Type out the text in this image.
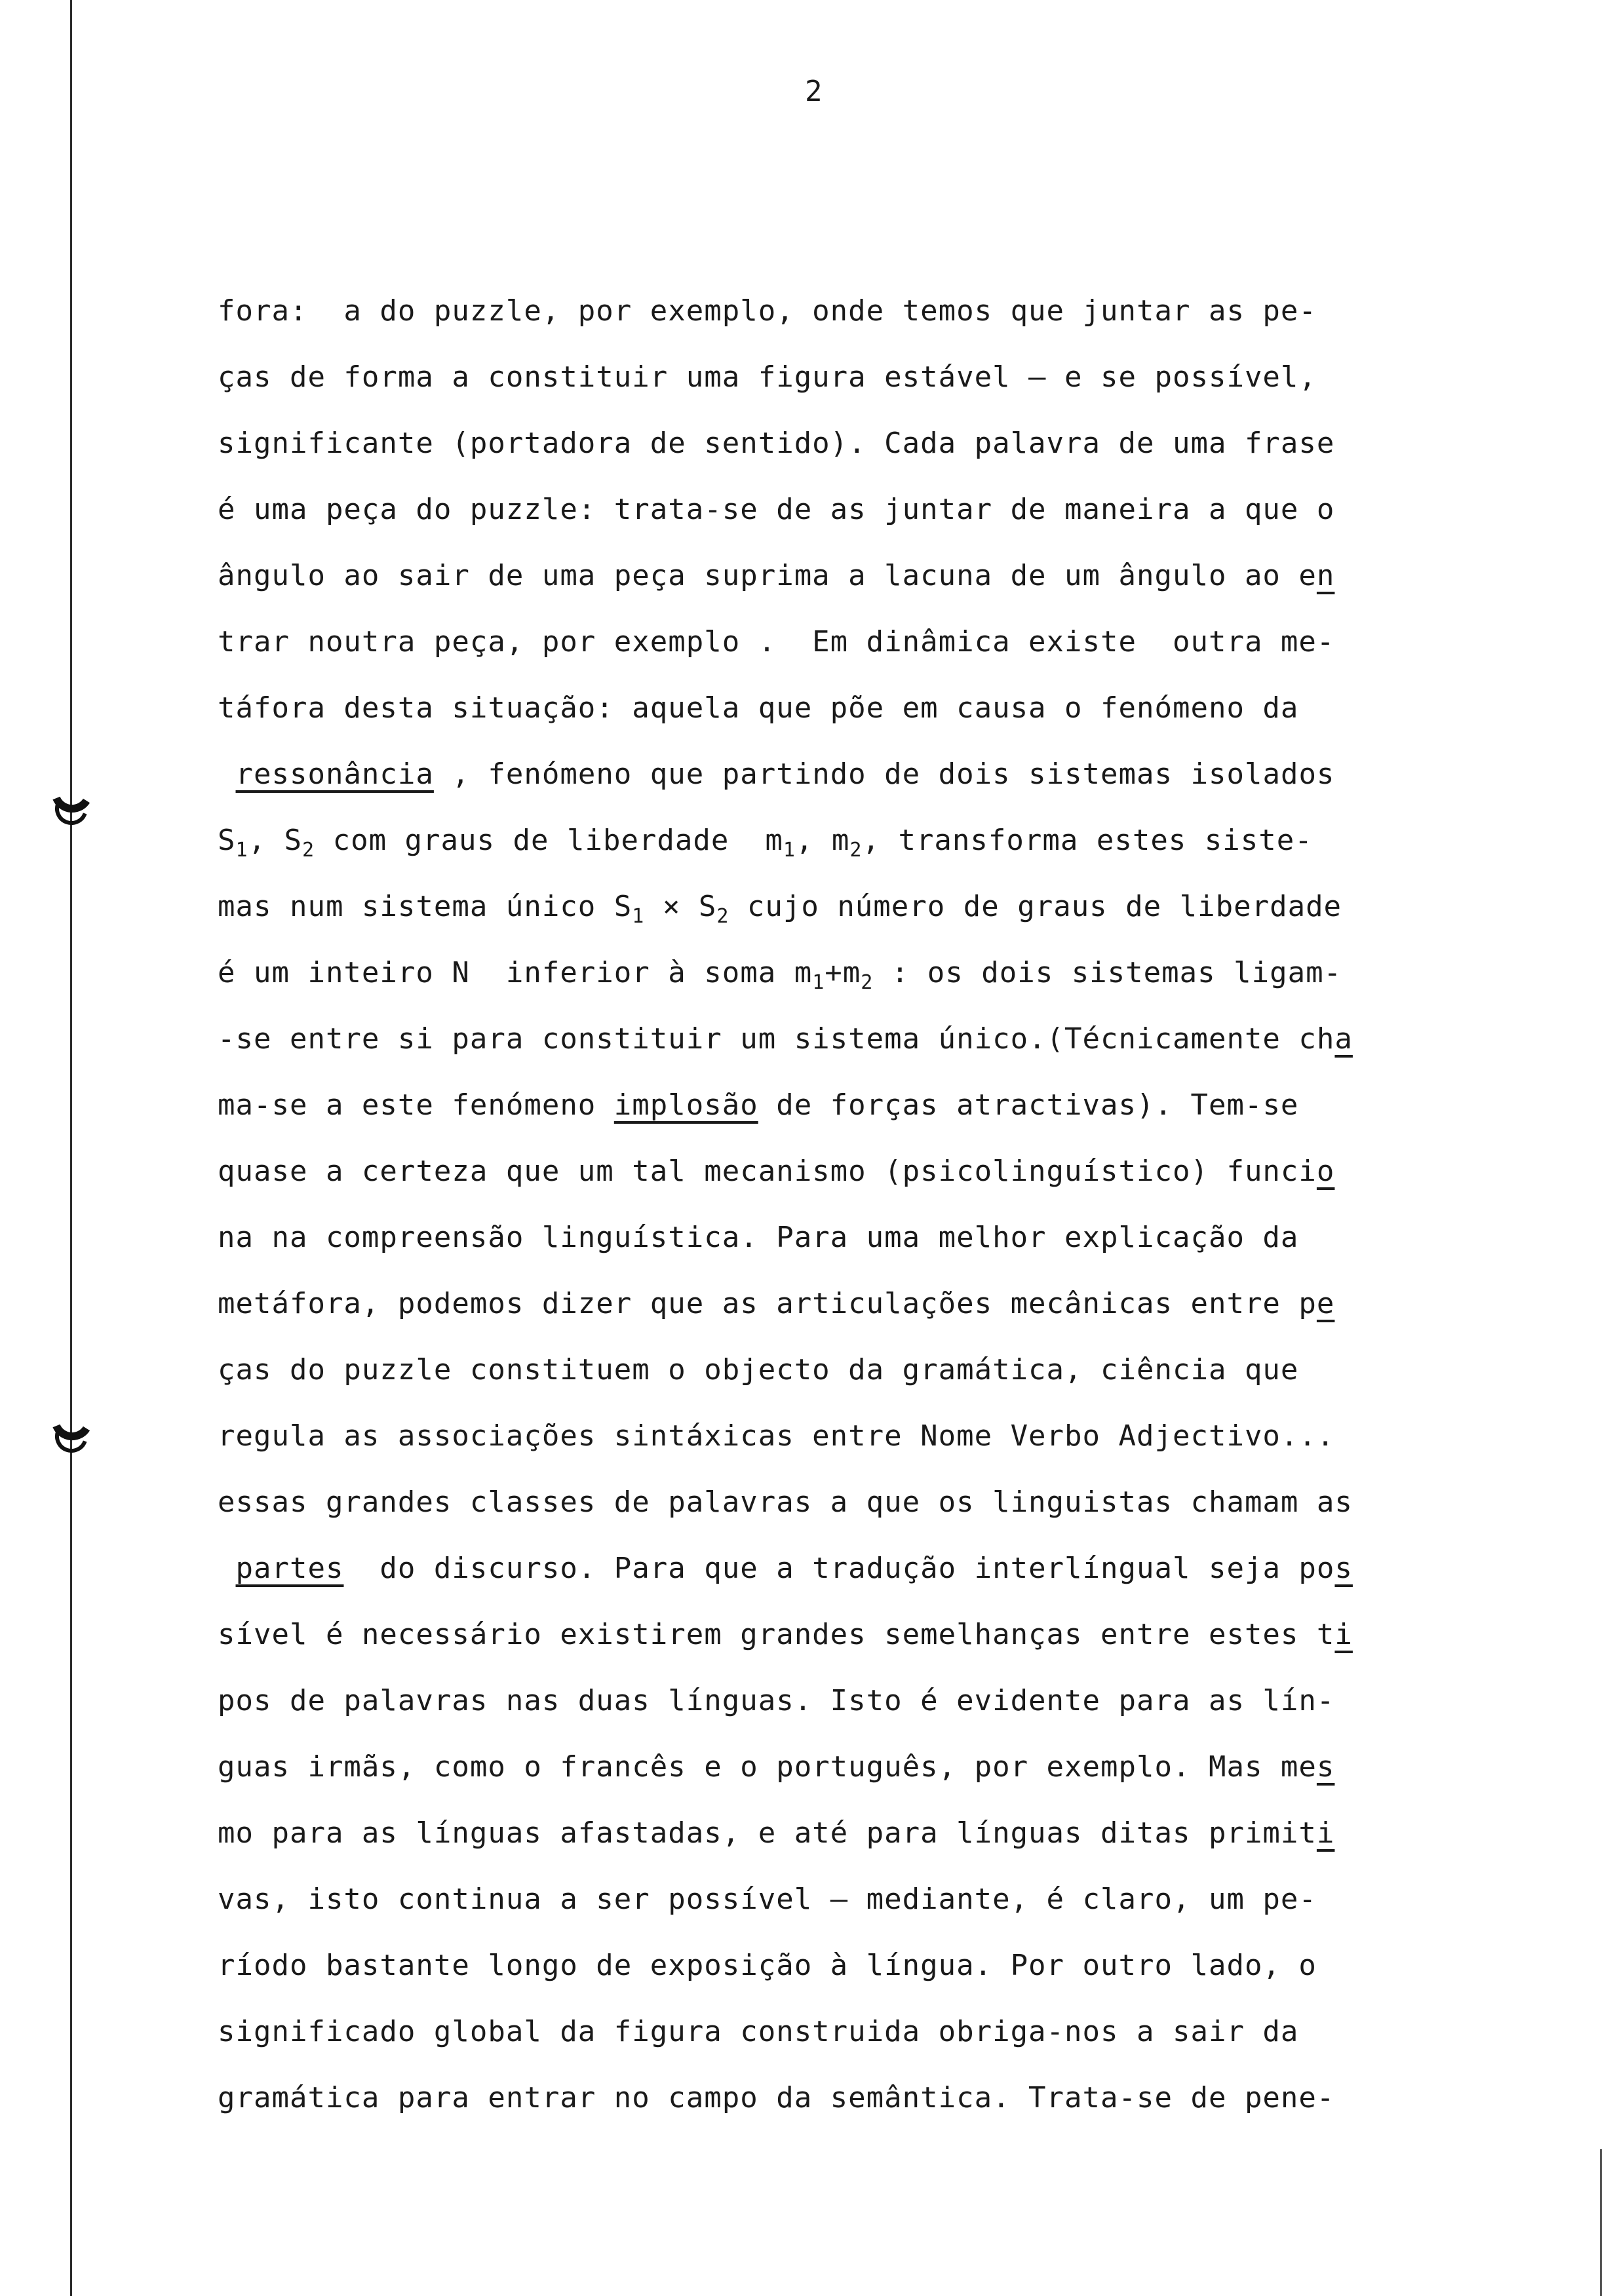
2
fora:  a do puzzle, por exemplo, onde temos que juntar as pe-
ças de forma a constituir uma figura estável — e se possível,
significante (portadora de sentido). Cada palavra de uma frase
é uma peça do puzzle: trata-se de as juntar de maneira a que o
ângulo ao sair de uma peça suprima a lacuna de um ângulo ao en
trar noutra peça, por exemplo .  Em dinâmica existe  outra me-
táfora desta situação: aquela que põe em causa o fenómeno da
ressonância , fenómeno que partindo de dois sistemas isolados
$S_1$, $S_2$ com graus de liberdade  $m_1$, $m_2$, transforma estes siste-
mas num sistema único $S_1 \times S_2$ cujo número de graus de liberdade
é um inteiro N  inferior à soma $m_1+m_2$ : os dois sistemas ligam-
-se entre si para constituir um sistema único.(Técnicamente cha
ma-se a este fenómeno implosão de forças atractivas). Tem-se
quase a certeza que um tal mecanismo (psicolinguístico) funcio
na na compreensão linguística. Para uma melhor explicação da
metáfora, podemos dizer que as articulações mecânicas entre pe
ças do puzzle constituem o objecto da gramática, ciência que
regula as associações sintáxicas entre Nome Verbo Adjectivo...
essas grandes classes de palavras a que os linguistas chamam as
partes  do discurso. Para que a tradução interlíngual seja pos
sível é necessário existirem grandes semelhanças entre estes ti
pos de palavras nas duas línguas. Isto é evidente para as lín-
guas irmãs, como o francês e o português, por exemplo. Mas mes
mo para as línguas afastadas, e até para línguas ditas primiti
vas, isto continua a ser possível — mediante, é claro, um pe-
ríodo bastante longo de exposição à língua. Por outro lado, o
significado global da figura construida obriga-nos a sair da
gramática para entrar no campo da semântica. Trata-se de pene-
